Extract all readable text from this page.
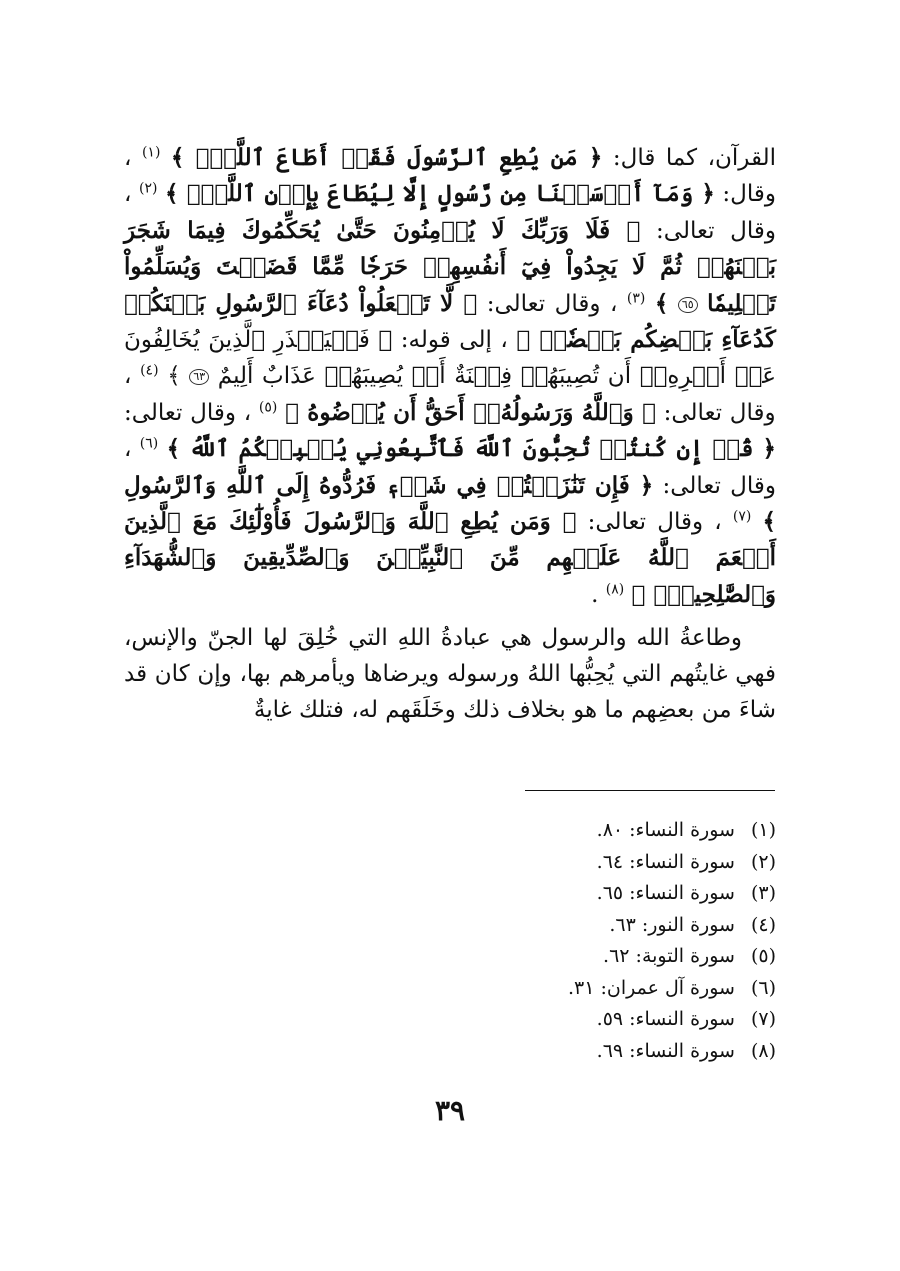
القرآن، كما قال: ﴿ مَن يُطِعِ ٱلرَّسُولَ فَقَدۡ أَطَاعَ ٱللَّهَۖ ﴾ $^{(١)}$ ، وقال: ﴿ وَمَآ أَرۡسَلۡنَا مِن رَّسُولٍ إِلَّا لِيُطَاعَ بِإِذۡنِ ٱللَّهِۚ ﴾ $^{(٢)}$ ، وقال تعالى: ﴿ فَلَا وَرَبِّكَ لَا يُؤۡمِنُونَ حَتَّىٰ يُحَكِّمُوكَ فِيمَا شَجَرَ بَيۡنَهُمۡ ثُمَّ لَا يَجِدُواْ فِيٓ أَنفُسِهِمۡ حَرَجٗا مِّمَّا قَضَيۡتَ وَيُسَلِّمُواْ تَسۡلِيمٗا ٦٥ ﴾ $^{(٣)}$ ، وقال تعالى: ﴿ لَّا تَجۡعَلُواْ دُعَآءَ ٱلرَّسُولِ بَيۡنَكُمۡ كَدُعَآءِ بَعۡضِكُم بَعۡضٗاۚ ﴾ ، إلى قوله: ﴿ فَلۡيَحۡذَرِ ٱلَّذِينَ يُخَالِفُونَ عَنۡ أَمۡرِهِۦٓ أَن تُصِيبَهُمۡ فِتۡنَةٌ أَوۡ يُصِيبَهُمۡ عَذَابٌ أَلِيمٌ ٦٣ ﴾ $^{(٤)}$ ، وقال تعالى: ﴿ وَٱللَّهُ وَرَسُولُهُۥٓ أَحَقُّ أَن يُرۡضُوهُ ﴾ $^{(٥)}$ ، وقال تعالى: ﴿ قُلۡ إِن كُنتُمۡ تُحِبُّونَ ٱللَّهَ فَٱتَّبِعُونِي يُحۡبِبۡكُمُ ٱللَّهُ ﴾ $^{(٦)}$ ، وقال تعالى: ﴿ فَإِن تَنَٰزَعۡتُمۡ فِي شَيۡءٖ فَرُدُّوهُ إِلَى ٱللَّهِ وَٱلرَّسُولِ ﴾ $^{(٧)}$ ، وقال تعالى: ﴿ وَمَن يُطِعِ ٱللَّهَ وَٱلرَّسُولَ فَأُوْلَٰٓئِكَ مَعَ ٱلَّذِينَ أَنۡعَمَ ٱللَّهُ عَلَيۡهِم مِّنَ ٱلنَّبِيِّـۧنَ وَٱلصِّدِّيقِينَ وَٱلشُّهَدَآءِ وَٱلصَّٰلِحِينَۚ ﴾ $^{(٨)}$ .

وطاعةُ الله والرسول هي عبادةُ اللهِ التي خُلِقَ لها الجنّ والإنس، فهي غايتُهم التي يُحِبُّها اللهُ ورسوله ويرضاها ويأمرهم بها، وإن كان قد شاءَ من بعضِهم ما هو بخلاف ذلك وخَلَقَهم له، فتلك غايةٌ

(١)سورة النساء: ٨٠.
(٢)سورة النساء: ٦٤.
(٣)سورة النساء: ٦٥.
(٤)سورة النور: ٦٣.
(٥)سورة التوبة: ٦٢.
(٦)سورة آل عمران: ٣١.
(٧)سورة النساء: ٥٩.
(٨)سورة النساء: ٦٩.
٣٩
